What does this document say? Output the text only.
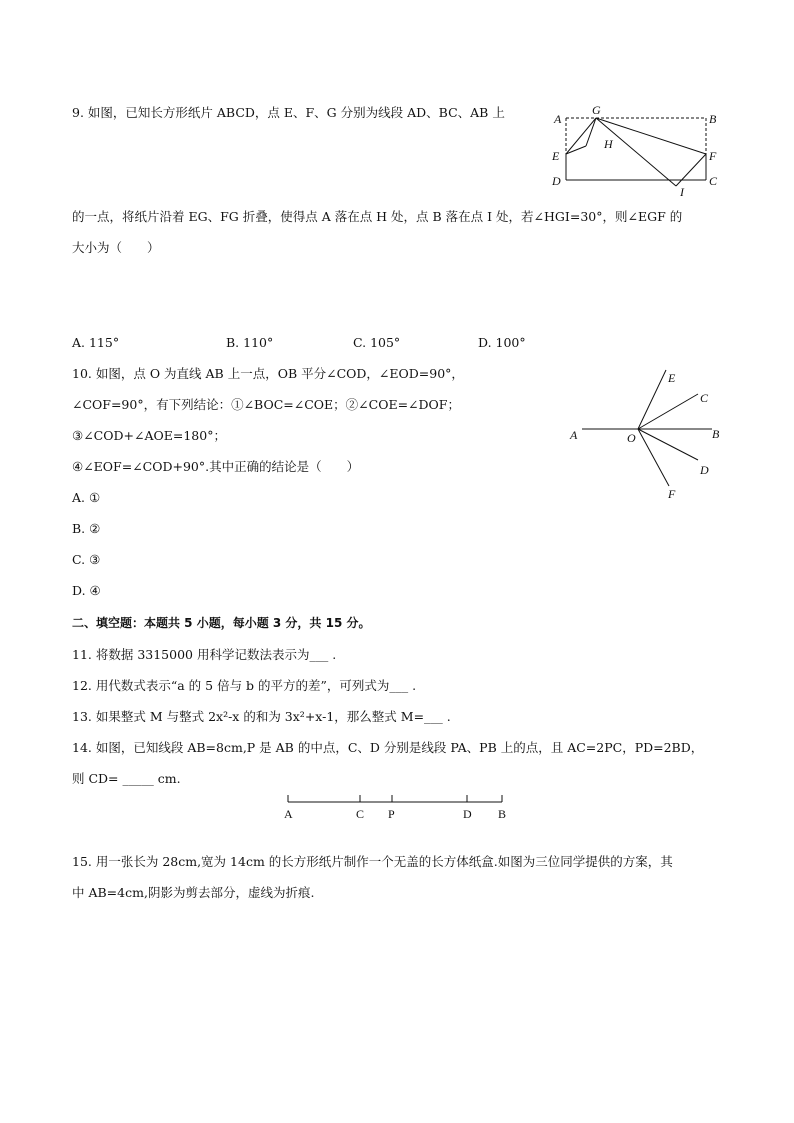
9. 如图，已知长方形纸片 ABCD，点 E、F、G 分别为线段 AD、BC、AB 上
的一点，将纸片沿着 EG、FG 折叠，使得点 A 落在点 H 处，点 B 落在点 I 处，若∠HGI=30°，则∠EGF 的
大小为（　　）
A
G
B
H
E	F
D	C
I
A. 115°	B. 110°	C. 105°	D. 100°
10. 如图，点 O 为直线 AB 上一点，OB 平分∠COD，∠EOD=90°，
∠COF=90°，有下列结论：①∠BOC=∠COE；②∠COE=∠DOF；
③∠COD+∠AOE=180°；
④∠EOF=∠COD+90°.其中正确的结论是（　　）
A	O	B
E
C
D
F
A. ①
B. ②
C. ③
D. ④
二、填空题：本题共 5 小题，每小题 3 分，共 15 分。
11. 将数据 3315000 用科学记数法表示为___ .
12. 用代数式表示“a 的 5 倍与 b 的平方的差”，可列式为___ .
13. 如果整式 M 与整式 2x²-x 的和为 3x²+x-1，那么整式 M=___ .
14. 如图，已知线段 AB=8cm,P 是 AB 的中点，C、D 分别是线段 PA、PB 上的点，且 AC=2PC，PD=2BD，
则 CD= _____ cm.
A	C P	D B
15. 用一张长为 28cm,宽为 14cm 的长方形纸片制作一个无盖的长方体纸盒.如图为三位同学提供的方案，其
中 AB=4cm,阴影为剪去部分，虚线为折痕.
